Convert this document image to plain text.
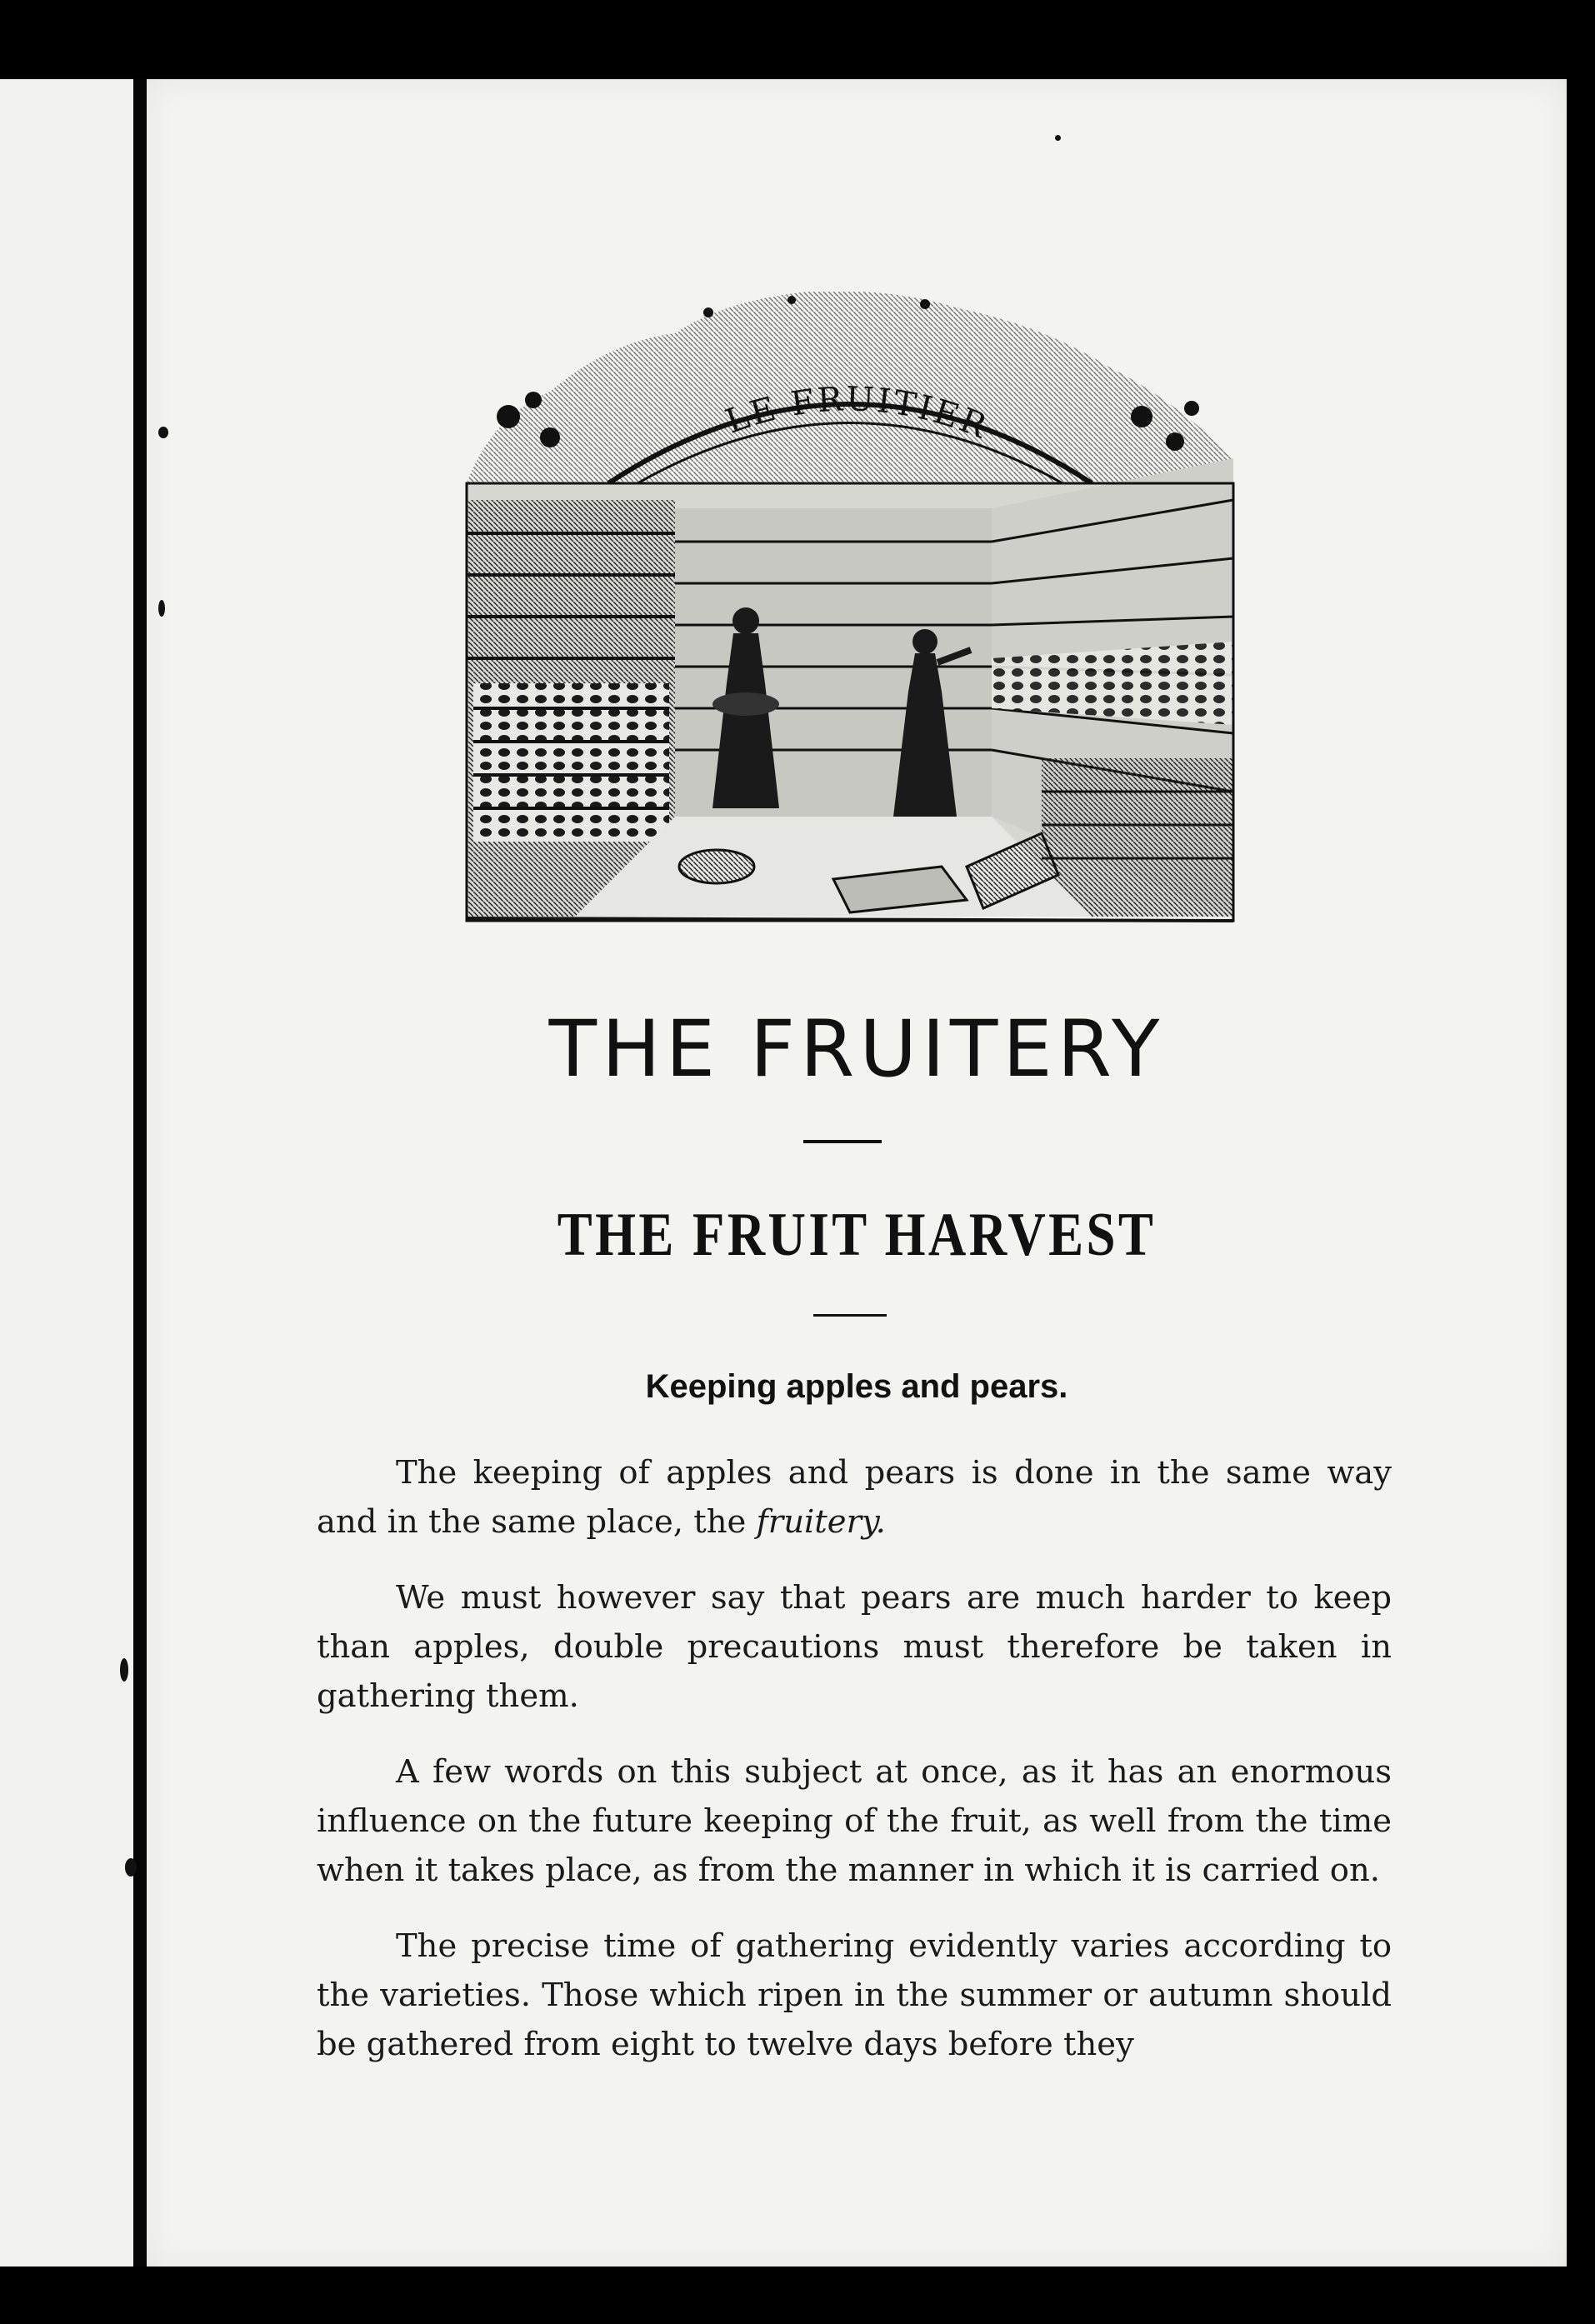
LE FRUITIER
THE FRUITERY
THE FRUIT HARVEST
Keeping apples and pears.

The keeping of apples and pears is done in the same way and in the same place, the fruitery.

We must however say that pears are much harder to keep than apples, double precautions must therefore be taken in gathering them.

A few words on this subject at once, as it has an enormous influence on the future keeping of the fruit, as well from the time when it takes place, as from the manner in which it is carried on.

The precise time of gathering evidently varies according to the varieties. Those which ripen in the summer or autumn should be gathered from eight to twelve days before they
